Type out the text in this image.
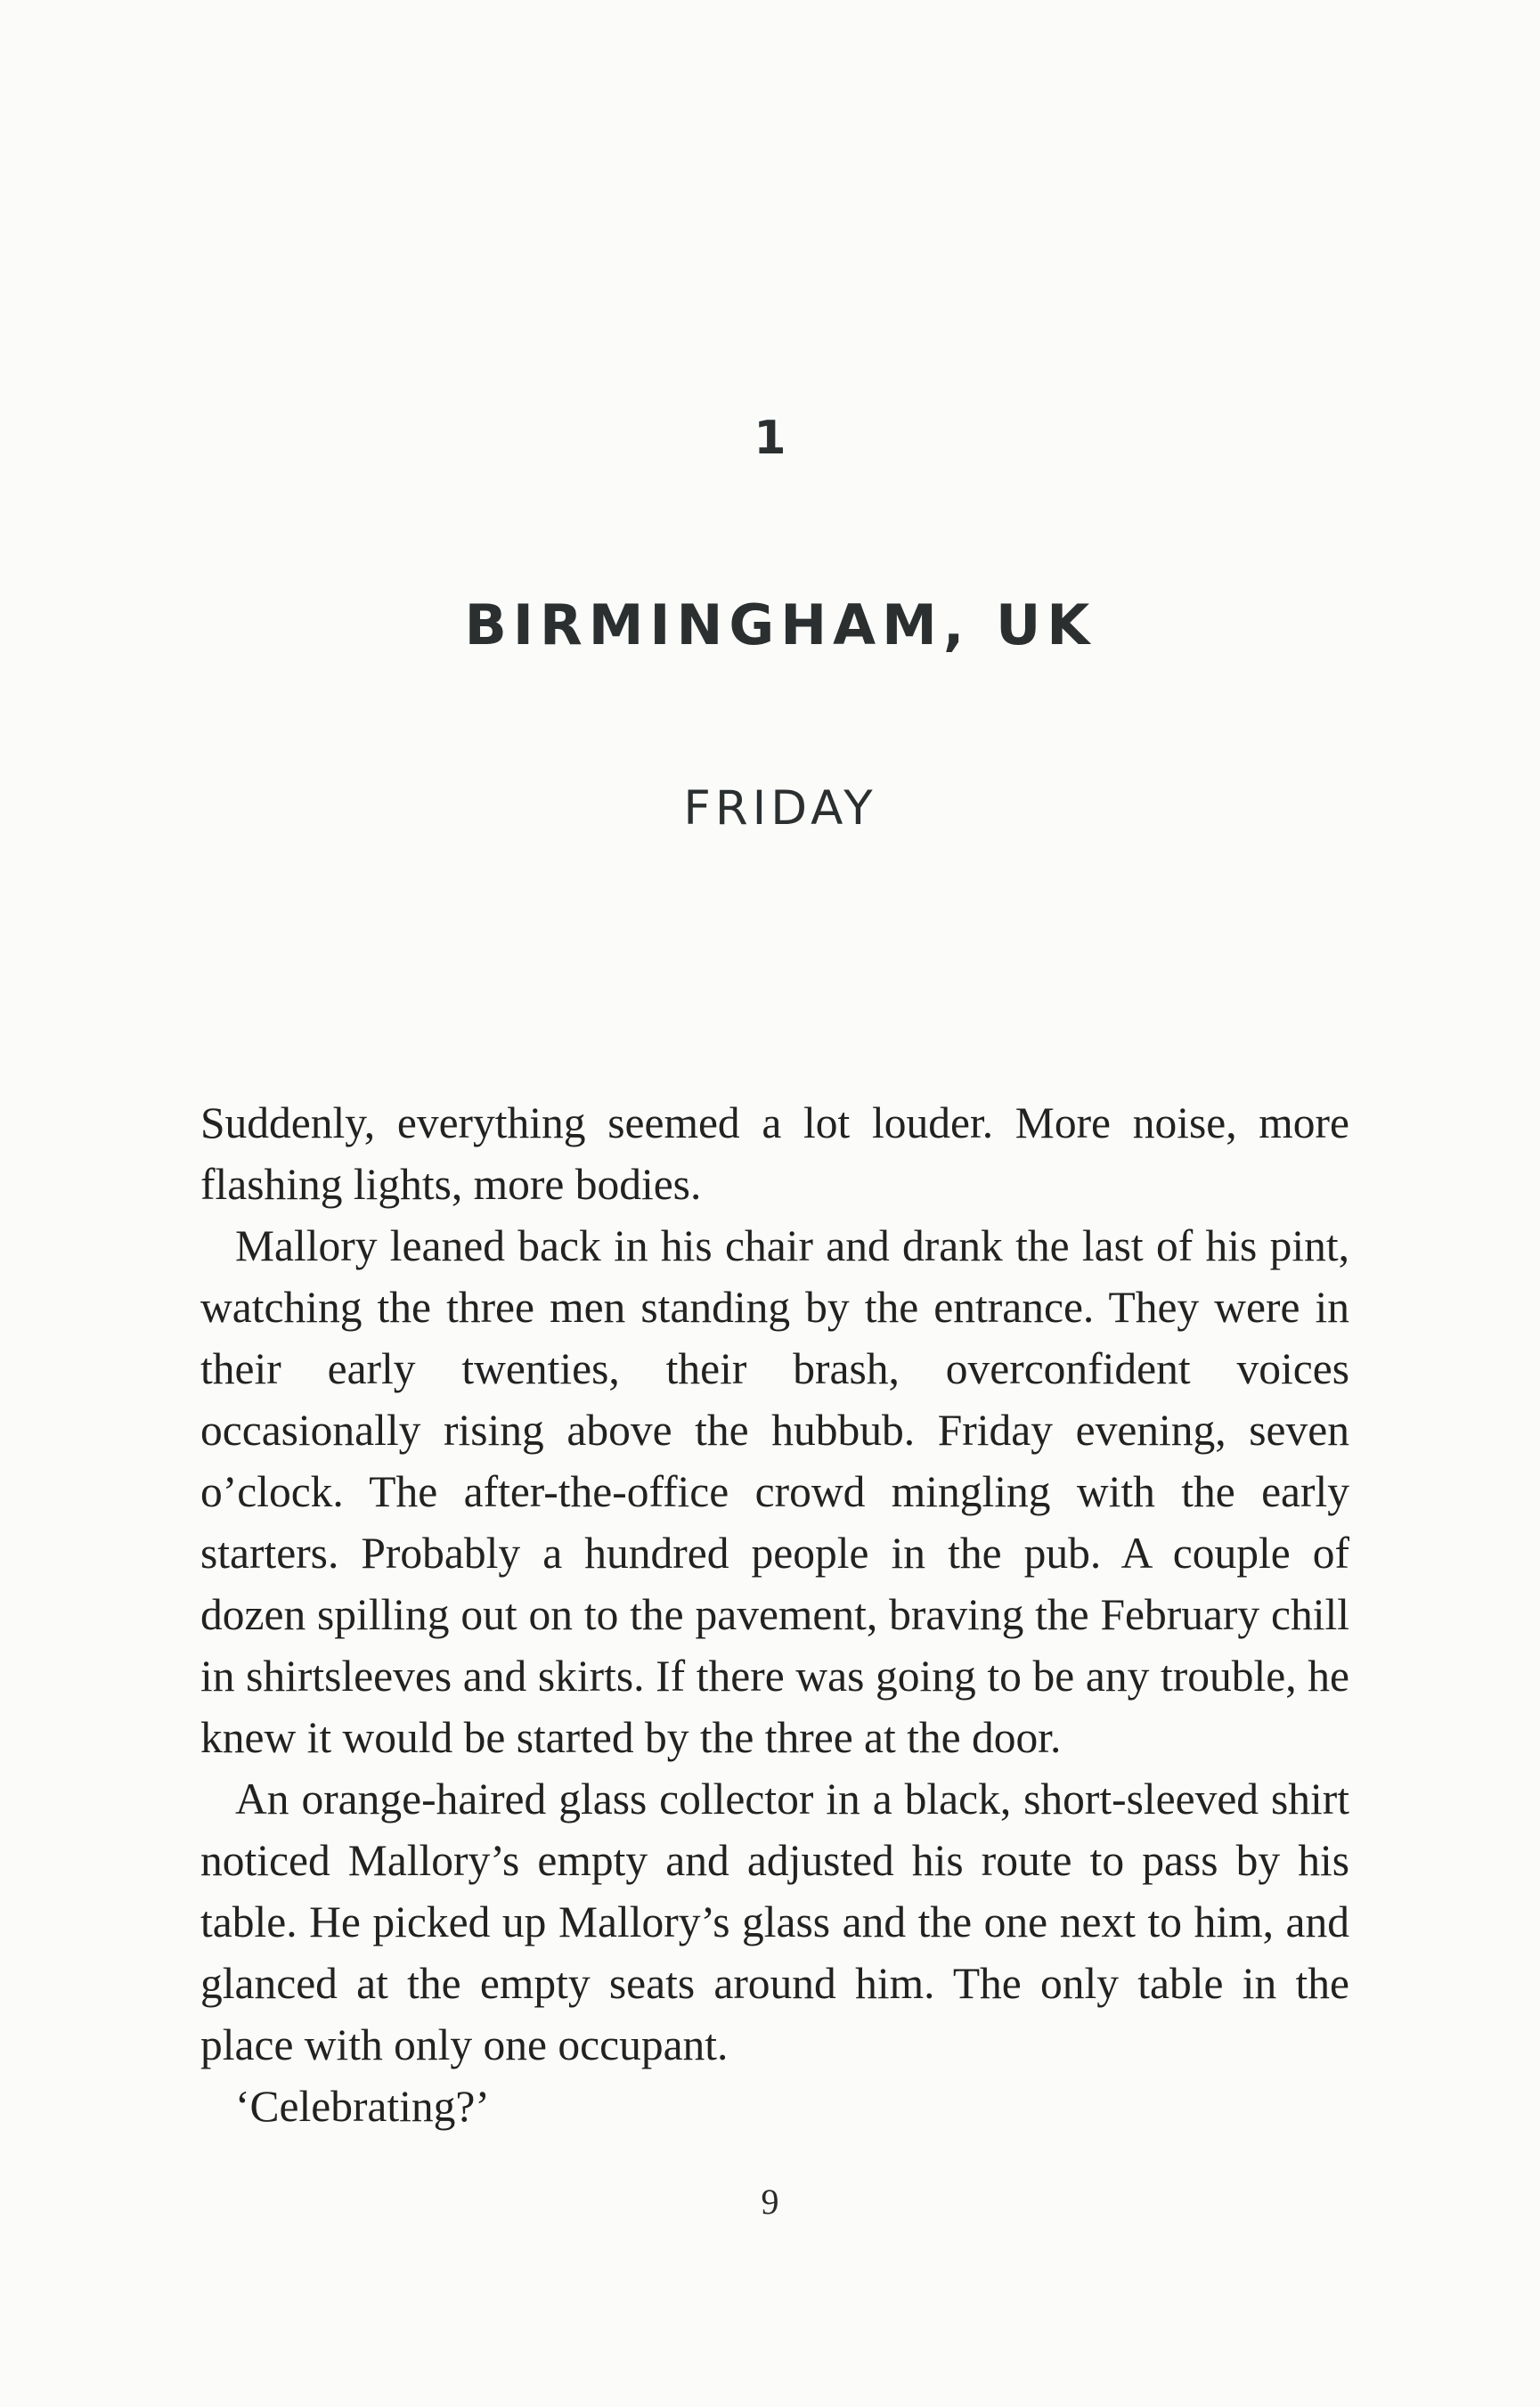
1
BIRMINGHAM, UK
FRIDAY

Suddenly, everything seemed a lot louder. More noise, more flashing lights, more bodies.

Mallory leaned back in his chair and drank the last of his pint, watching the three men standing by the entrance. They were in their early twenties, their brash, overconfident voices occasionally rising above the hubbub. Friday evening, seven o’clock. The after-the-office crowd mingling with the early starters. Probably a hundred people in the pub. A couple of dozen spilling out on to the pavement, braving the February chill in shirtsleeves and skirts. If there was going to be any trouble, he knew it would be started by the three at the door.

An orange-haired glass collector in a black, short-sleeved shirt noticed Mallory’s empty and adjusted his route to pass by his table. He picked up Mallory’s glass and the one next to him, and glanced at the empty seats around him. The only table in the place with only one occupant.

‘Celebrating?’

9
